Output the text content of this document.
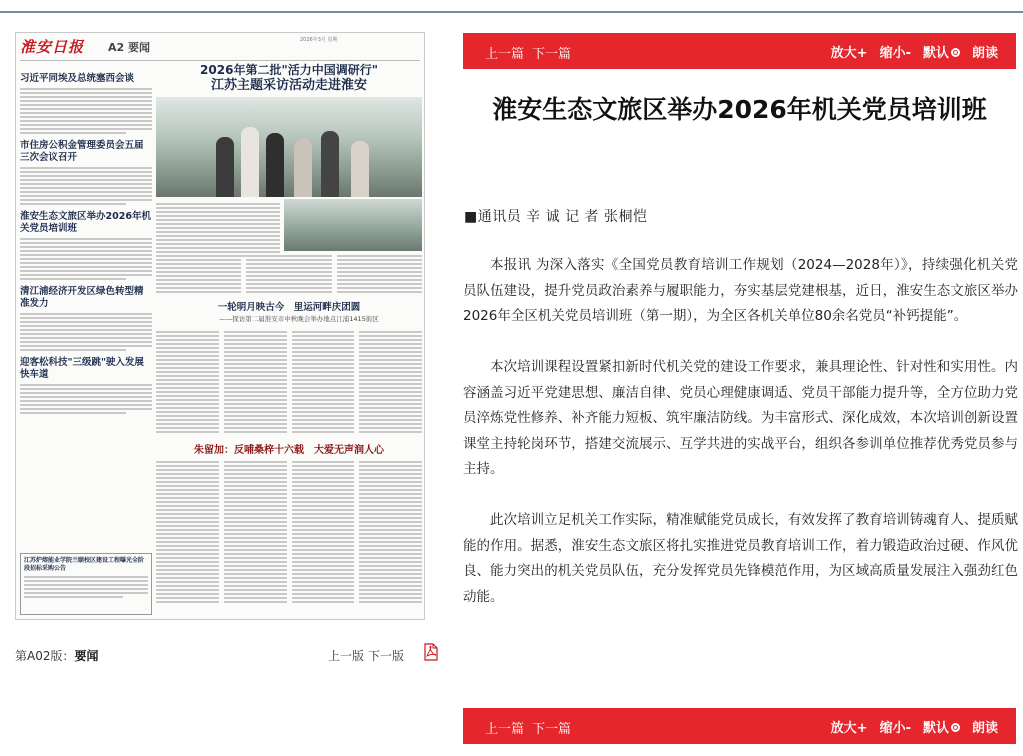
淮安日报 A2 要闻
2026年3月 星期
习近平同埃及总统塞西会谈
市住房公积金管理委员会五届三次会议召开
淮安生态文旅区举办2026年机关党员培训班
清江浦经济开发区绿色转型精准发力
迎客松科技"三级跳"驶入发展快车道
江苏炉熔能业学院兰颐校区建设工程曝光全阶段招标采购公告
2026年第二批"活力中国调研行"
江苏主题采访活动走进淮安
一轮明月映古今　里运河畔庆团圆
——探访第二届淮安市中秋晚会举办地点江浦1415街区
朱留加：反哺桑梓十六载　大爱无声润人心
第A02版：要闻	上一版 下一版
上一篇 下一篇	放大+ 缩小- 默认	朗读
淮安生态文旅区举办2026年机关党员培训班
■通讯员 辛 诚 记 者 张桐恺

本报讯 为深入落实《全国党员教育培训工作规划（2024—2028年）》，持续强化机关党员队伍建设，提升党员政治素养与履职能力，夯实基层党建根基，近日，淮安生态文旅区举办2026年全区机关党员培训班（第一期），为全区各机关单位80余名党员“补钙提能”。

本次培训课程设置紧扣新时代机关党的建设工作要求，兼具理论性、针对性和实用性。内容涵盖习近平党建思想、廉洁自律、党员心理健康调适、党员干部能力提升等，全方位助力党员淬炼党性修养、补齐能力短板、筑牢廉洁防线。为丰富形式、深化成效，本次培训创新设置课堂主持轮岗环节，搭建交流展示、互学共进的实战平台，组织各参训单位推荐优秀党员参与主持。

此次培训立足机关工作实际，精准赋能党员成长，有效发挥了教育培训铸魂育人、提质赋能的作用。据悉，淮安生态文旅区将扎实推进党员教育培训工作，着力锻造政治过硬、作风优良、能力突出的机关党员队伍，充分发挥党员先锋模范作用，为区域高质量发展注入强劲红色动能。

上一篇 下一篇	放大+ 缩小- 默认	朗读
